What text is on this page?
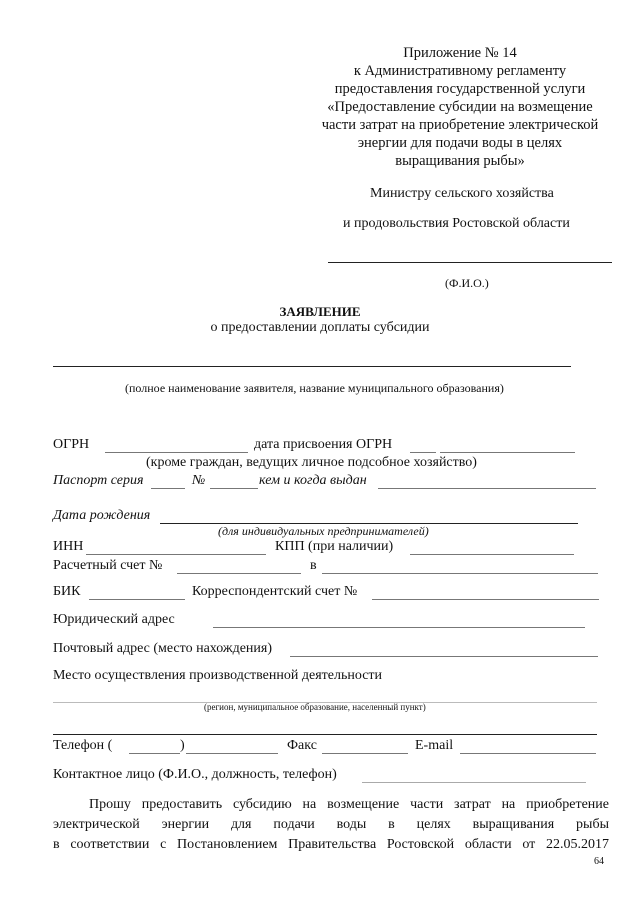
Приложение № 14
к Административному регламенту
предоставления государственной услуги
«Предоставление субсидии на возмещение
части затрат на приобретение электрической
энергии для подачи воды в целях
выращивания рыбы»
Министру сельского хозяйства
и продовольствия Ростовской области
(Ф.И.О.)
ЗАЯВЛЕНИЕ
о предоставлении доплаты субсидии
(полное наименование заявителя, название муниципального образования)
ОГРН	дата присвоения ОГРН
(кроме граждан, ведущих личное подсобное хозяйство)
Паспорт серия	№	кем и когда выдан
Дата рождения
(для индивидуальных предпринимателей)
ИНН	КПП (при наличии)
Расчетный счет №	в
БИК	Корреспондентский счет №
Юридический адрес
Почтовый адрес (место нахождения)
Место осуществления производственной деятельности
(регион, муниципальное образование, населенный пункт)
Телефон (	)	Факс	E-mail
Контактное лицо (Ф.И.О., должность, телефон)
Прошу предоставить субсидию на возмещение части затрат на приобретение
электрической энергии для подачи воды в целях выращивания рыбы
в соответствии с Постановлением Правительства Ростовской области от 22.05.2017
64
